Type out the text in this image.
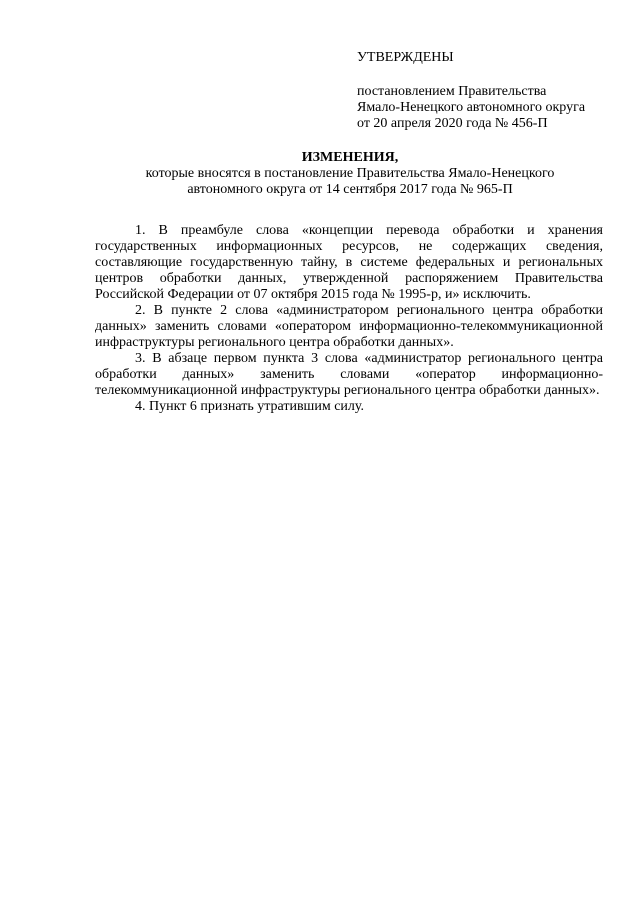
УТВЕРЖДЕНЫ

постановлением Правительства

Ямало-Ненецкого автономного округа

от 20 апреля 2020 года № 456-П

ИЗМЕНЕНИЯ,

которые вносятся в постановление Правительства Ямало-Ненецкого

автономного округа от 14 сентября 2017 года № 965-П

1. В преамбуле слова «концепции перевода обработки и хранения государственных информационных ресурсов, не содержащих сведения, составляющие государственную тайну, в системе федеральных и региональных центров обработки данных, утвержденной распоряжением Правительства Российской Федерации от 07 октября 2015 года № 1995-р, и» исключить.

2. В пункте 2 слова «администратором регионального центра обработки данных» заменить словами «оператором информационно-телекоммуникационной инфраструктуры регионального центра обработки данных».

3. В абзаце первом пункта 3 слова «администратор регионального центра обработки данных» заменить словами «оператор информационно-телекоммуникационной инфраструктуры регионального центра обработки данных».

4. Пункт 6 признать утратившим силу.
